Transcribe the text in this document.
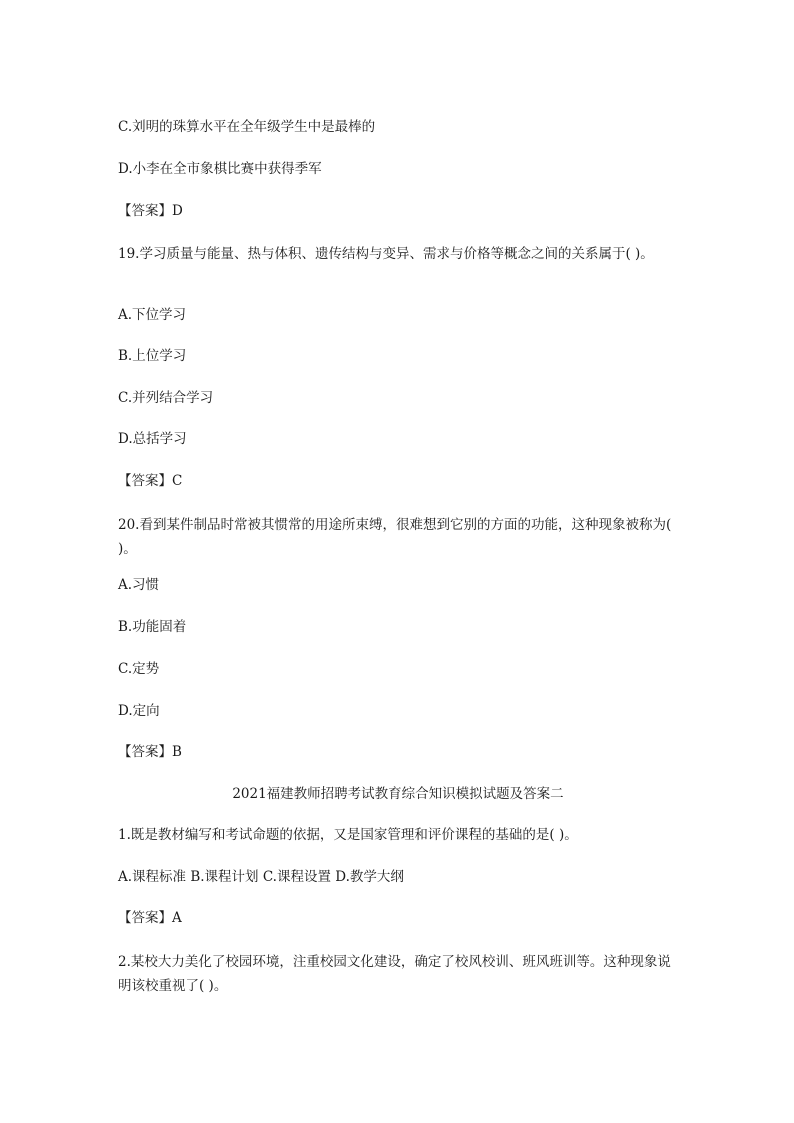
C.刘明的珠算水平在全年级学生中是最棒的
D.小李在全市象棋比赛中获得季军
【答案】D
19.学习质量与能量、热与体积、遗传结构与变异、需求与价格等概念之间的关系属于( )。
A.下位学习
B.上位学习
C.并列结合学习
D.总括学习
【答案】C
20.看到某件制品时常被其惯常的用途所束缚，很难想到它别的方面的功能，这种现象被称为( )。
A.习惯
B.功能固着
C.定势
D.定向
【答案】B
2021福建教师招聘考试教育综合知识模拟试题及答案二
1.既是教材编写和考试命题的依据，又是国家管理和评价课程的基础的是( )。
A.课程标准 B.课程计划 C.课程设置 D.教学大纲
【答案】A
2.某校大力美化了校园环境，注重校园文化建设，确定了校风校训、班风班训等。这种现象说明该校重视了( )。
